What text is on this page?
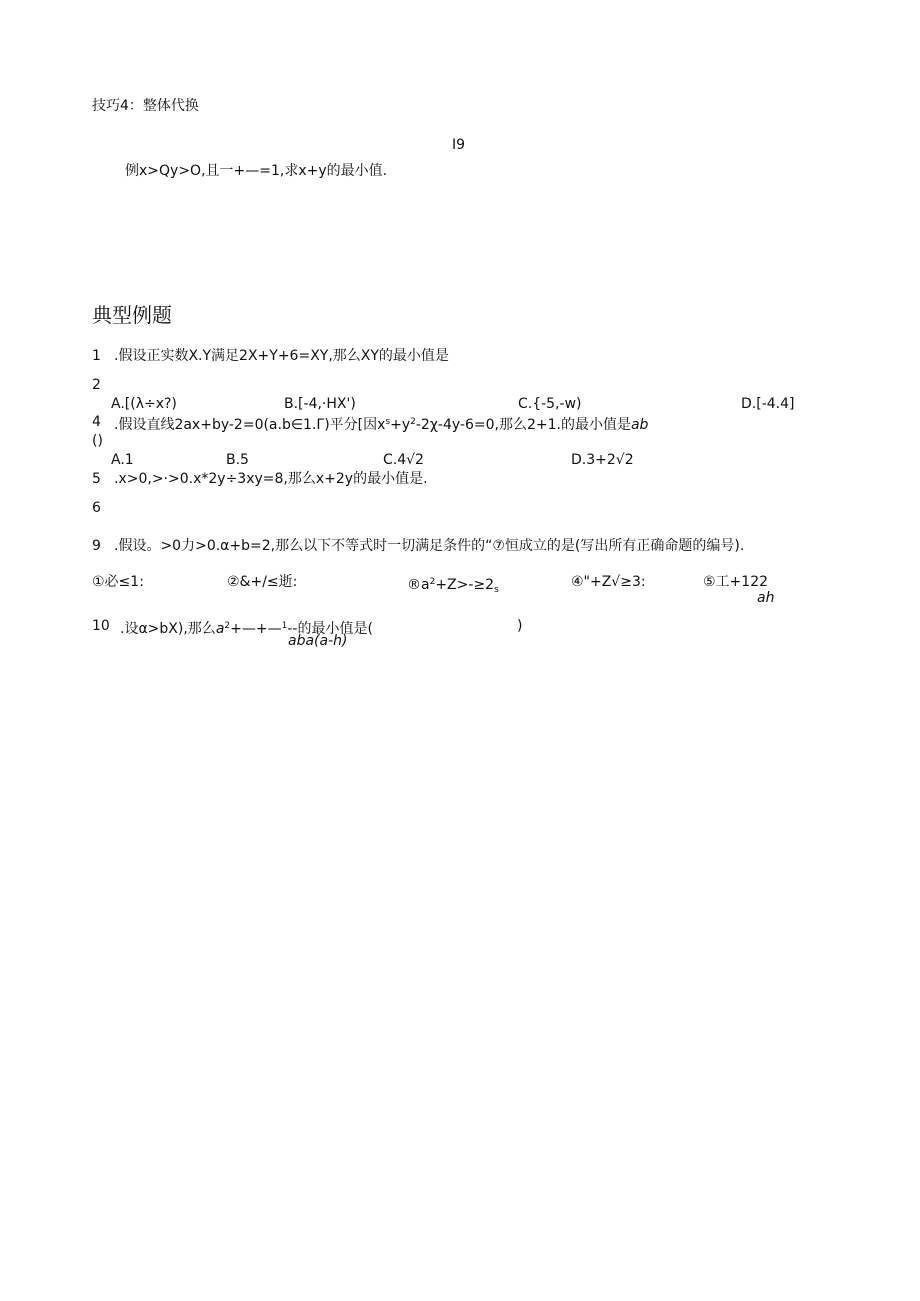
技巧4：整体代换
I9
例x>Qy>O,且一+—=1,求x+y的最小值.
典型例题
1 .假设正实数X.Y满足2X+Y+6=XY,那么XY的最小值是
2
A.[(λ÷x?)	B.[-4,·HX')	C.{-5,-w)	D.[-4.4]
4 .假设直线2ax+by-2=0(a.b∈1.Γ)平分[因$x^s+y^2-2\chi-4y-6=0$,那么2+1.的最小值是ab
()
A.1	B.5	C.4√2	D.3+2√2
5 .x>0,>·>0.x*2y÷3xy=8,那么x+2y的最小值是.
6
9 .假设。>0力>0.α+b=2,那么以下不等式时一切满足条件的“⑦恒成立的是(写出所有正确命题的编号).
①必≤1:	②&+/≤逝:	$®a^2+Z>-\ge 2_s$	④"+Z√≥3:	⑤工+122
ah
10 .设α>bX),那么$a^2+—+—^1--$的最小值是(	)
aba(a-h)
